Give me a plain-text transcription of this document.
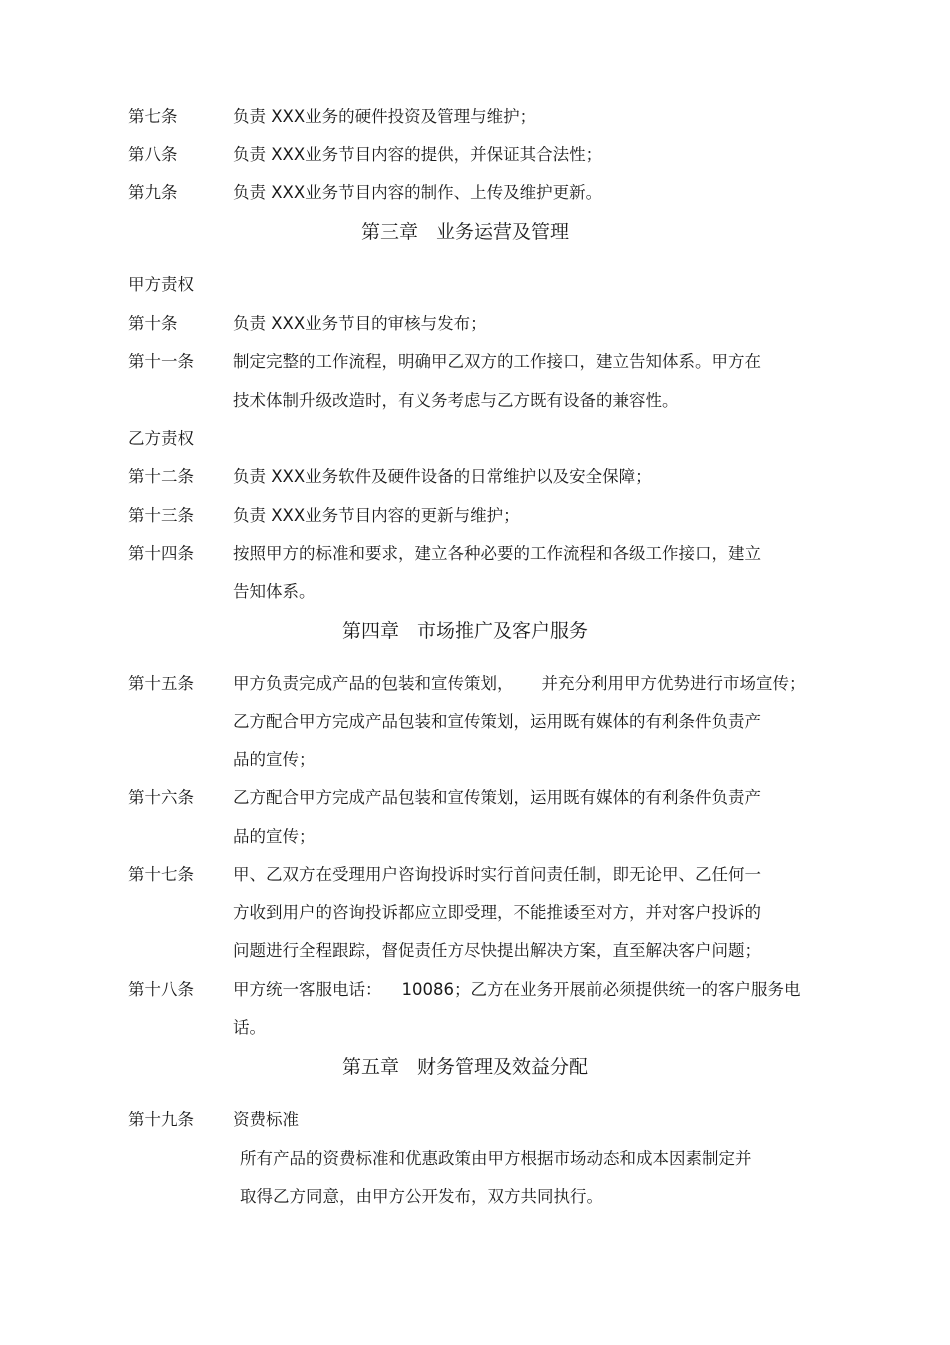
第七条	负责 XXX业务的硬件投资及管理与维护；
第八条	负责 XXX业务节目内容的提供，并保证其合法性；
第九条	负责 XXX业务节目内容的制作、上传及维护更新。
第三章 业务运营及管理
甲方责权
第十条	负责 XXX业务节目的审核与发布；
第十一条 制定完整的工作流程，明确甲乙双方的工作接口，建立告知体系。甲方在
技术体制升级改造时，有义务考虑与乙方既有设备的兼容性。
乙方责权
第十二条 负责 XXX业务软件及硬件设备的日常维护以及安全保障；
第十三条 负责 XXX业务节目内容的更新与维护；
第十四条 按照甲方的标准和要求，建立各种必要的工作流程和各级工作接口，建立
告知体系。
第四章 市场推广及客户服务
第十五条 甲方负责完成产品的包装和宣传策划， 并充分利用甲方优势进行市场宣传；
乙方配合甲方完成产品包装和宣传策划，运用既有媒体的有利条件负责产
品的宣传；
第十六条 乙方配合甲方完成产品包装和宣传策划，运用既有媒体的有利条件负责产
品的宣传；
第十七条 甲、乙双方在受理用户咨询投诉时实行首问责任制，即无论甲、乙任何一
方收到用户的咨询投诉都应立即受理，不能推诿至对方，并对客户投诉的
问题进行全程跟踪，督促责任方尽快提出解决方案，直至解决客户问题；
第十八条 甲方统一客服电话： 10086；乙方在业务开展前必须提供统一的客户服务电
话。
第五章 财务管理及效益分配
第十九条 资费标准
所有产品的资费标准和优惠政策由甲方根据市场动态和成本因素制定并
取得乙方同意，由甲方公开发布，双方共同执行。
